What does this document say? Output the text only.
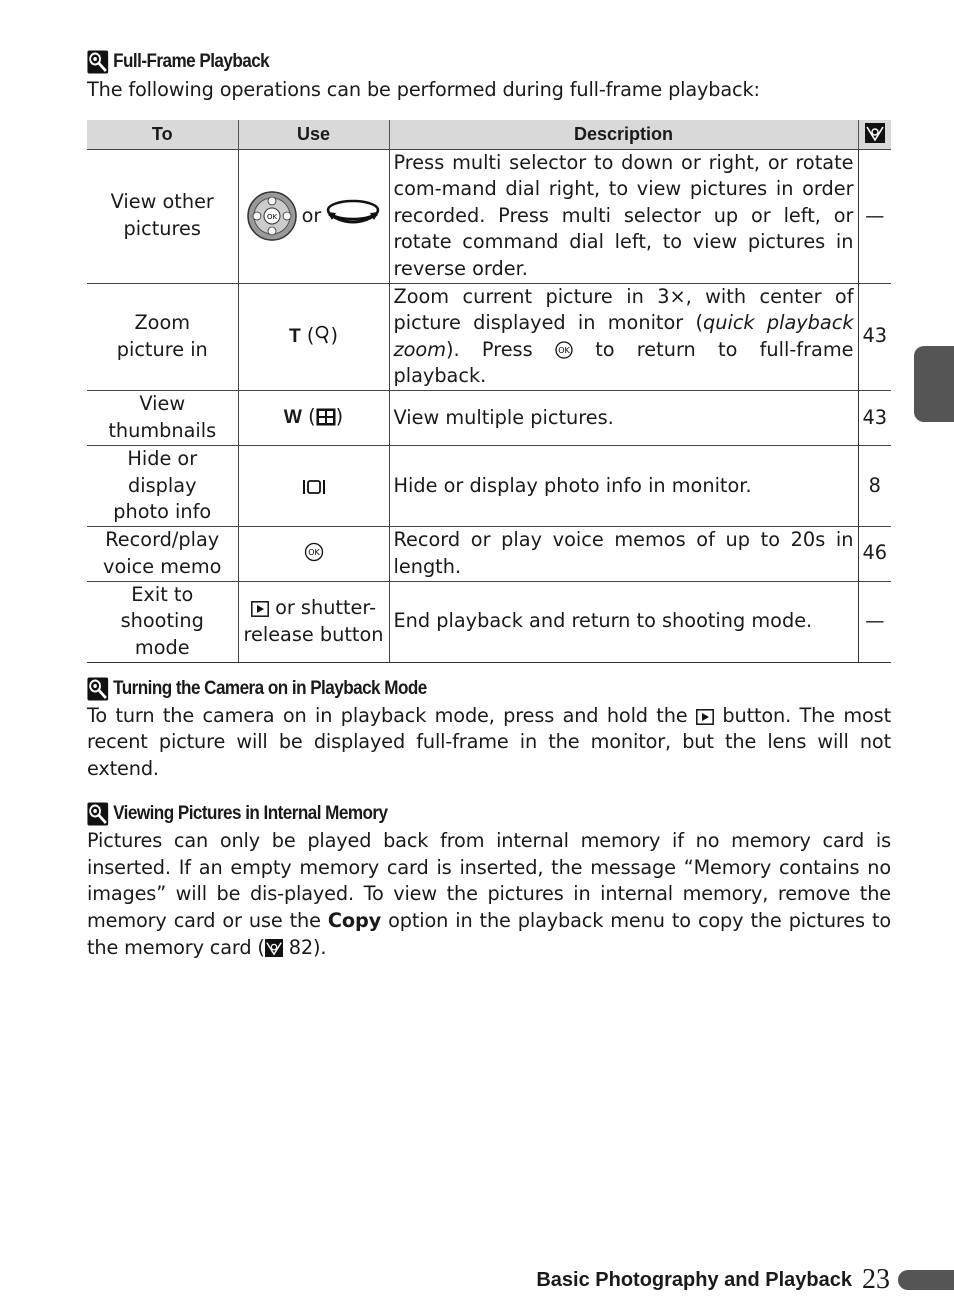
Full-Frame Playback
The following operations can be performed during full-frame playback:
To	Use	Description	
View other pictures	OK or	Press multi selector to down or right, or rotate com-mand dial right, to view pictures in order recorded. Press multi selector up or left, or rotate command dial left, to view pictures in reverse order.	—
Zoom picture in	T ( )	Zoom current picture in 3×, with center of picture displayed in monitor (quick playback zoom). Press OK to return to full-frame playback.	43
View thumbnails	W ( )	View multiple pictures.	43
Hide or display photo info		Hide or display photo info in monitor.	8
Record/play voice memo	OK	Record or play voice memos of up to 20s in length.	46
Exit to shooting mode	or shutter-release button	End playback and return to shooting mode.	—
Turning the Camera on in Playback Mode
To turn the camera on in playback mode, press and hold the button. The most recent picture will be displayed full-frame in the monitor, but the lens will not extend.
Viewing Pictures in Internal Memory
Pictures can only be played back from internal memory if no memory card is inserted. If an empty memory card is inserted, the message “Memory contains no images” will be dis-played. To view the pictures in internal memory, remove the memory card or use the Copy option in the playback menu to copy the pictures to the memory card ( 82).
Basic Photography and Playback 23
